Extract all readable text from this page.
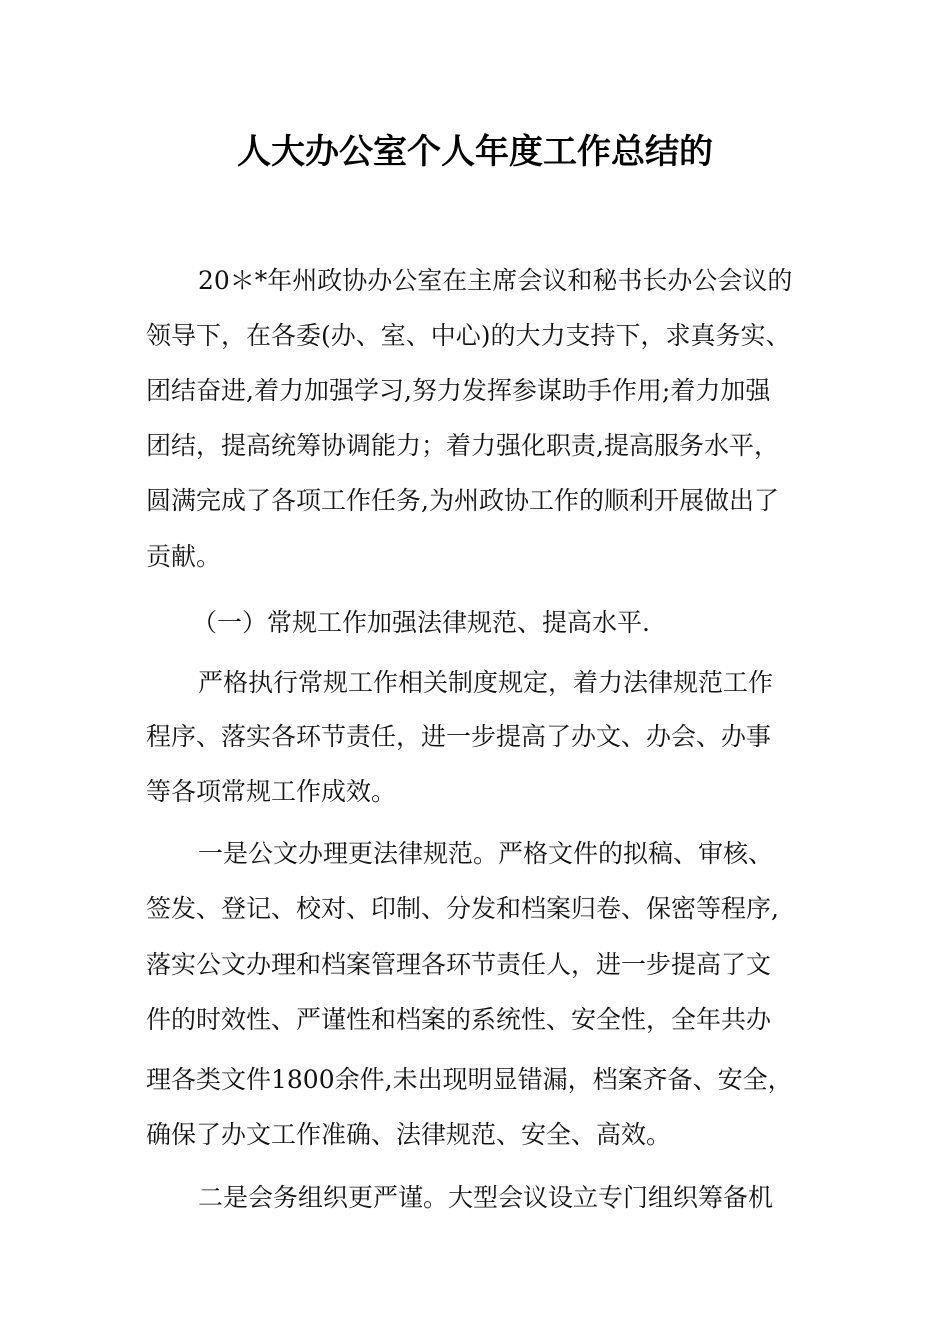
人大办公室个人年度工作总结的

20＊*年州政协办公室在主席会议和秘书长办公会议的

领导下，在各委(办、室、中心)的大力支持下，求真务实、

团结奋进,着力加强学习,努力发挥参谋助手作用;着力加强

团结，提高统筹协调能力；着力强化职责,提高服务水平，

圆满完成了各项工作任务,为州政协工作的顺利开展做出了

贡献。

（一）常规工作加强法律规范、提高水平.

严格执行常规工作相关制度规定，着力法律规范工作

程序、落实各环节责任，进一步提高了办文、办会、办事

等各项常规工作成效。

一是公文办理更法律规范。严格文件的拟稿、审核、

签发、登记、校对、印制、分发和档案归卷、保密等程序,

落实公文办理和档案管理各环节责任人，进一步提高了文

件的时效性、严谨性和档案的系统性、安全性，全年共办

理各类文件1800余件,未出现明显错漏，档案齐备、安全，

确保了办文工作准确、法律规范、安全、高效。

二是会务组织更严谨。大型会议设立专门组织筹备机
